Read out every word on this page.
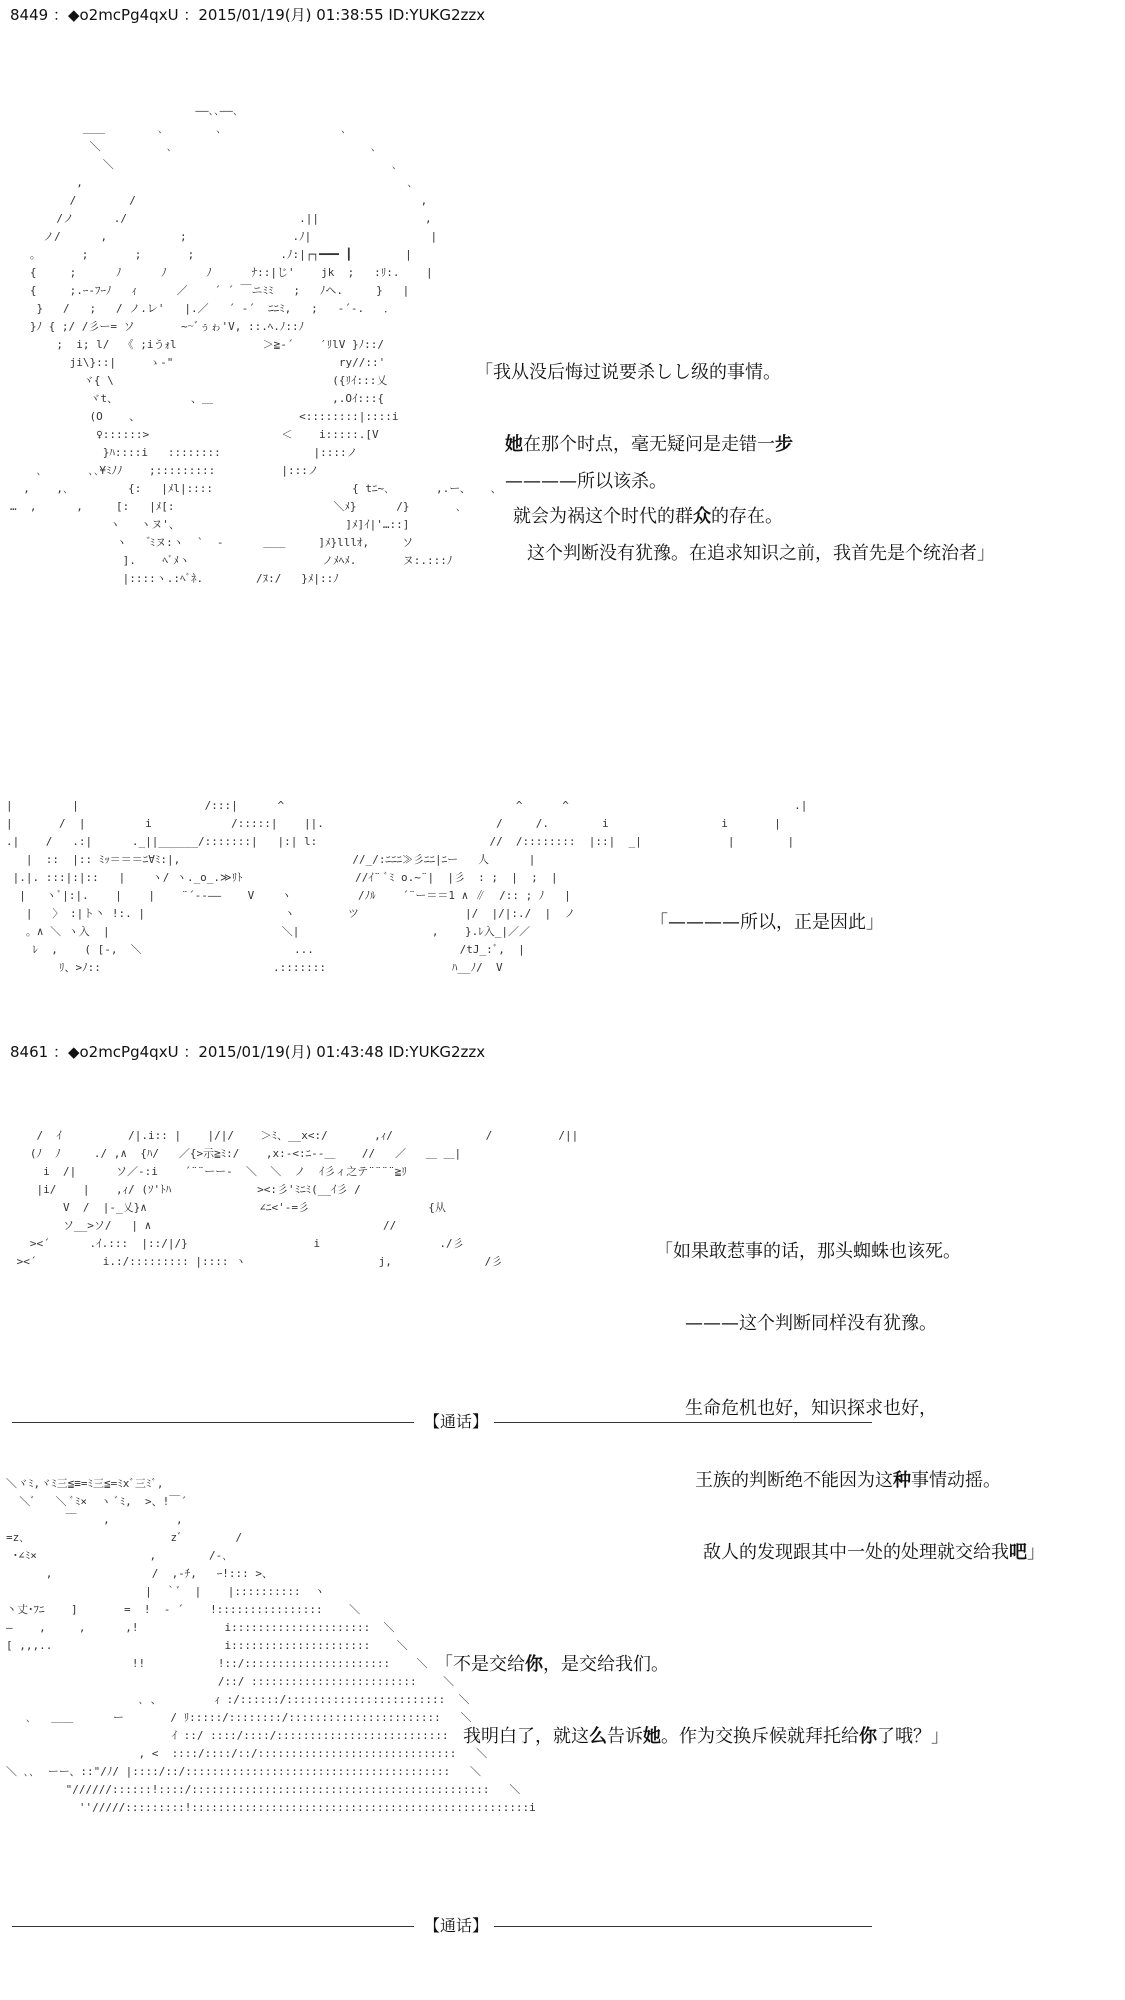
8449 ：◆o2mcPg4qxU ：2015/01/19(月) 01:38:55 ID:YUKG2zzx
――､､――､
＿＿        ､        ､                  ､
＼          ､                              ､
＼                                          ､
,                                                 ､
/        /                                           ,
/ノ      ./                          .||                ,
ノ/      ,           ;                .ﾉ|                  |
｡       ;       ;       ;             .ﾉ:|┌┐━━━ ┃        |
{     ;      ﾉ      ﾉ      ﾉ      ﾅ::|じ'    jk  ;   :ﾘ:.    |
{     ;.ｰ-ﾌｰﾉ   ｨ      ／    ´ ´ ￣ニﾐﾐ   ;   ﾉヘ.     }   |
}   /   ;   / ノ.レ'   |.／   ´ ‐´  ﾆﾆﾐ,   ;   ‐´‐.   ．
}ﾉ { ;/ /彡ー= ソ       ~~ﾞぅゎ'V, ::.ﾍ.ﾉ::ﾉ
;  i; l/  《 ;iうｫl             ＞≧-´    ′ﾘlV }ﾉ::/
ji\}::|     ゝ-"                         ry//::'
ヾ{ \                                 ({ﾘｲ:::乂
ヾt、           、＿                  ,.Oｲ:::{
(O    、                        <::::::::|::::i
♀::::::>                    ＜    i:::::.[V
}ﾊ::::i   ::::::::              |::::ノ
､       ､､¥ﾐﾉﾉ    ;:::::::::          |:::ノ
,    ,､         {:   |ﾒl|::::                     { tﾆ~､       ,.ー、   、
…  ,      ,     [:   |ﾒ[:                        ＼ﾒ}      /}       ､
ヽ   ヽヌ'、                         ]ﾒ]ｲ|'…::]
ヽ    ゙ﾐヌ:ヽ  `  -      ＿＿     ]ﾒ}lllｵ,     ソ
].    ﾍﾞﾒヽ                    ノﾒﾍﾒ.       ヌ:.:::ﾉ
|::::ヽ.:ﾍﾞﾈ.        /ﾇ:/   }ﾒ|::ﾉ

「我从没后悔过说要杀しし级的事情。

她在那个时点，毫无疑问是走错一步

就会为祸这个时代的群众的存在。

————所以该杀。

这个判断没有犹豫。在追求知识之前，我首先是个统治者」

|         |                   /:::|      ^                                   ^      ^                                  .|
|       /  |         i            /:::::|    ||.                          /     /.        i                 i       |
.|    /   .:|      ._||______/:::::::|   |:| l:                          //  /::::::::  |::|  _|             |        |
|  ::  |:: ﾐｯ＝＝＝ﾆ∀ﾐ:|,                          //_/:ﾆﾆﾆ≫彡ﾆﾆ|ﾆー   人      |
|.|. :::|:|::   |    ヽ/ ヽ._o_.≫ﾘﾄ                 //ｲ¨ ﾞﾐ o.~¨|  |彡  : ;  |  ;  |
|   ヽﾞ|:|.    |    |    ¨´‐-――    V    ヽ          /ﾉﾙ    ´¨ー＝＝1 ∧ ∥  /:: ; ﾉ   |
|   〉 :|ト丶 !:. |                     ヽ        ツ                |/  |/|:./  |  ノ
。∧ ＼ ヽ入  |                          ＼|                    ,    }.ﾚ入_|／／
ﾚ  ,    ( [-,  ＼                       ...                      /tJ_:ﾞ,  |
ﾘ、>ﾉ::                          .:::::::                   ﾊ__ﾉ/  V

「————所以，正是因此」

8461 ：◆o2mcPg4qxU ：2015/01/19(月) 01:43:48 ID:YUKG2zzx
/  ｲ          /|.i:: |    |/|/    ＞ﾐ、__x<:/       ,ｨ/              /          /||
(ﾉ  ﾉ     ./ ,∧  {ﾊ/   ／{>示≧ﾐ:/    ,x:-<:ﾆ--＿    //   ／   ＿ ＿|
i  /|      ソ／-:i    ´¨¨ーー-  ＼  ＼  ノ  ｲ彡ィ之テ¨¨¨¨≧ﾘ
|i/    |    ,ｨ/ (ｿ'ﾄﾊ             ><:彡'ﾐﾆﾐ(__ｲ彡 /
V  /  |-_乂}∧                 ∠ﾆ<'-=彡                  {从
ソ__>ソ/   | ∧                                   //
><´      .ｲ.:::  |::/|/}                   i                  ./彡
><´          i.:/::::::::: |:::: ヽ                    j,              /彡

	「如果敢惹事的话，那头蜘蛛也该死。

———这个判断同样没有犹豫。

生命危机也好，知识探求也好，

王族的判断绝不能因为这种事情动摇。

敌人的发现跟其中一处的处理就交给我吧」

【通话】
＼ヾﾐ,ヾﾐ三≦≡=ﾐ三≦=ﾐxﾞ三ﾐﾞ,
＼ﾞ   ＼ ﾞﾐ×  ヽ ﾞﾐ,  >、!￣´
￣    ,          ,
=z､                      zﾞ        /
･∠ﾐ×                 ,        /-､
,               /  ,-ﾁ,   ｰ!::: >、
|  ｀ﾞ  |    |::::::::::  ヽ
丶丈･ﾌﾆ    ]       =  !  ‐ ´    !::::::::::::::::    ＼
―    ,     ,      ,!             i:::::::::::::::::::::  ＼
[ ,,,..                          i:::::::::::::::::::::    ＼
!!           !::/::::::::::::::::::::::    ＼
/::/ :::::::::::::::::::::::::    ＼
､ 、        ｨ :/::::::/::::::::::::::::::::::::  ＼
､   ＿＿      ー       / ﾘ:::::/::::::::/:::::::::::::::::::::::   ＼
ｲ ::/ ::::/::::/::::::::::::::::::::::::::   ＼
, <  ::::/::::/::/::::::::::::::::::::::::::::::   ＼
＼ ､､  ーー、::"/ﾉ/ |::::/::/::::::::::::::::::::::::::::::::::::::::   ＼
"//////::::::!::::/:::::::::::::::::::::::::::::::::::::::::::::   ＼
''/////:::::::::!:::::::::::::::::::::::::::::::::::::::::::::::::::i

「不是交给你，是交给我们。

我明白了，就这么告诉她。作为交换斥候就拜托给你了哦？」

【通话】
